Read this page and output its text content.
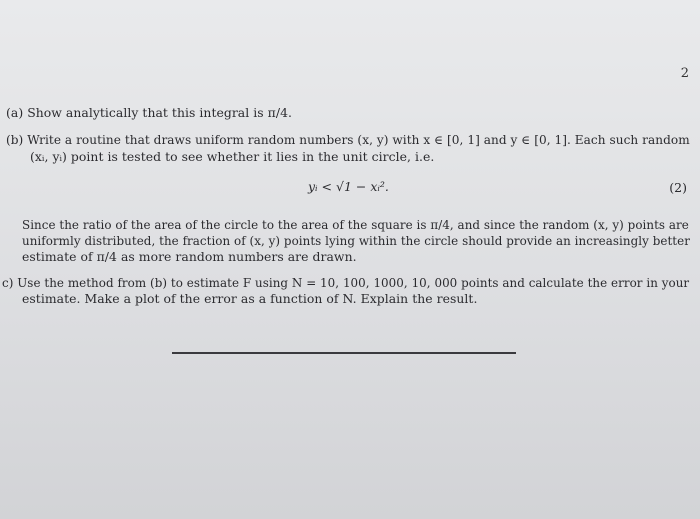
2
(a) Show analytically that this integral is π/4.
(b) Write a routine that draws uniform random numbers (x, y) with x ∈ [0, 1] and y ∈ [0, 1]. Each such random
(xᵢ, yᵢ) point is tested to see whether it lies in the unit circle, i.e.
yᵢ < √1 − xᵢ².	(2)
Since the ratio of the area of the circle to the area of the square is π/4, and since the random (x, y) points are
uniformly distributed, the fraction of (x, y) points lying within the circle should provide an increasingly better
estimate of π/4 as more random numbers are drawn.
c) Use the method from (b) to estimate F using N = 10, 100, 1000, 10, 000 points and calculate the error in your
estimate. Make a plot of the error as a function of N. Explain the result.
